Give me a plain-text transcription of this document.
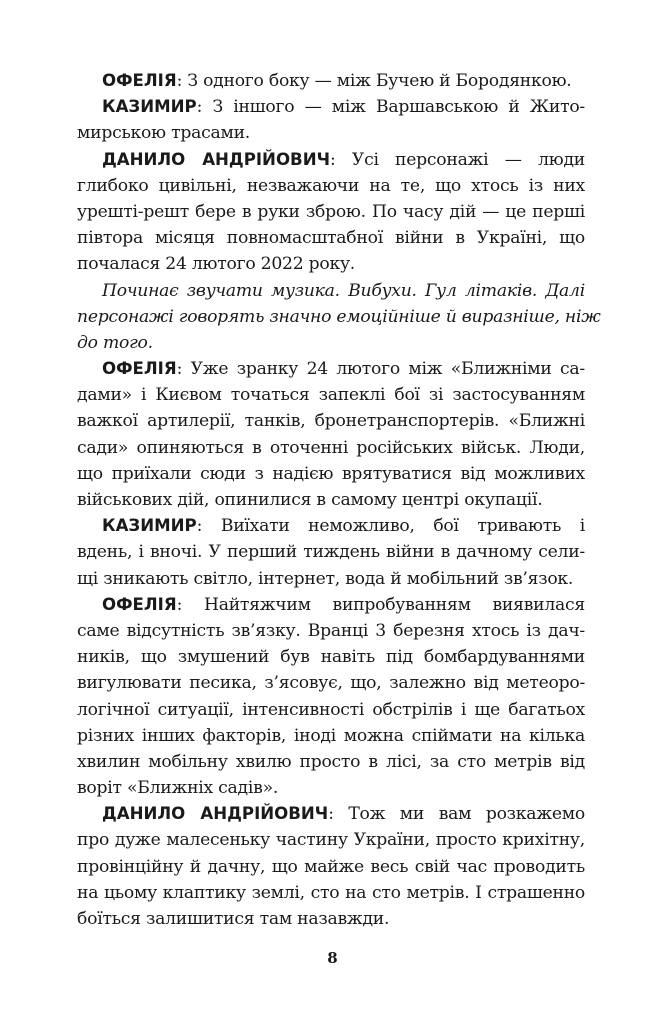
ОФЕЛІЯ: З одного боку — між Бучею й Бородянкою.
КАЗИМИР: З іншого — між Варшавською й Жито-
мирською трасами.
ДАНИЛО АНДРІЙОВИЧ: Усі персонажі — люди
глибоко цивільні, незважаючи на те, що хтось із них
урешті-решт бере в руки зброю. По часу дій — це перші
півтора місяця повномасштабної війни в Україні, що
почалася 24 лютого 2022 року.
Починає звучати музика. Вибухи. Гул літаків. Далі
персонажі говорять значно емоційніше й виразніше, ніж
до того.
ОФЕЛІЯ: Уже зранку 24 лютого між «Ближніми са-
дами» і Києвом точаться запеклі бої зі застосуванням
важкої артилерії, танків, бронетранспортерів. «Ближні
сади» опиняються в оточенні російських військ. Люди,
що приїхали сюди з надією врятуватися від можливих
військових дій, опинилися в самому центрі окупації.
КАЗИМИР: Виїхати неможливо, бої тривають і
вдень, і вночі. У перший тиждень війни в дачному сели-
щі зникають світло, інтернет, вода й мобільний зв’язок.
ОФЕЛІЯ: Найтяжчим випробуванням виявилася
саме відсутність зв’язку. Вранці 3 березня хтось із дач-
ників, що змушений був навіть під бомбардуваннями
вигулювати песика, з’ясовує, що, залежно від метеоро-
логічної ситуації, інтенсивності обстрілів і ще багатьох
різних інших факторів, іноді можна спіймати на кілька
хвилин мобільну хвилю просто в лісі, за сто метрів від
воріт «Ближніх садів».
ДАНИЛО АНДРІЙОВИЧ: Тож ми вам розкажемо
про дуже малесеньку частину України, просто крихітну,
провінційну й дачну, що майже весь свій час проводить
на цьому клаптику землі, сто на сто метрів. І страшенно
боїться залишитися там назавжди.
8
